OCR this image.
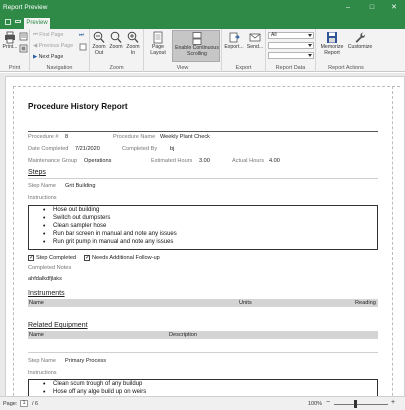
Report Preview	–	□	✕
Preview
Print...
Print
⏮ First Page
◀ Previous Page
▶ Next Page
⏭
Navigation
Zoom Out
Zoom Zoom In
Zoom
Page Layout
Enable Continuous Scrolling
View
Export... Send...
Export
All
Report Data
Memorize Report
Customize
Report Actions
Procedure History Report
Procedure # 8	Procedure Name Weekly Plant Check
Date Completed 7/21/2020	Completed By bj
Maintenance Group Operations	Estimated Hours 3.00	Actual Hours 4.00
Steps
Step Name Grit Building
Instructions
• Hose out building
• Switch out dumpsters
• Clean sampler hose
• Run bar screen in manual and note any issues
• Run grit pump in manual and note any issues
✓ Step Completed ✓ Needs Additional Follow-up
Completed Notes
ahfdalkdfjlaks
Instruments
Name	Units	Reading
Related Equipment
Name	Description
Step Name Primary Process
Instructions
• Clean scum trough of any buildup
• Hose off any alge build up on weirs
Page: 1	/ 6	100% −	+
